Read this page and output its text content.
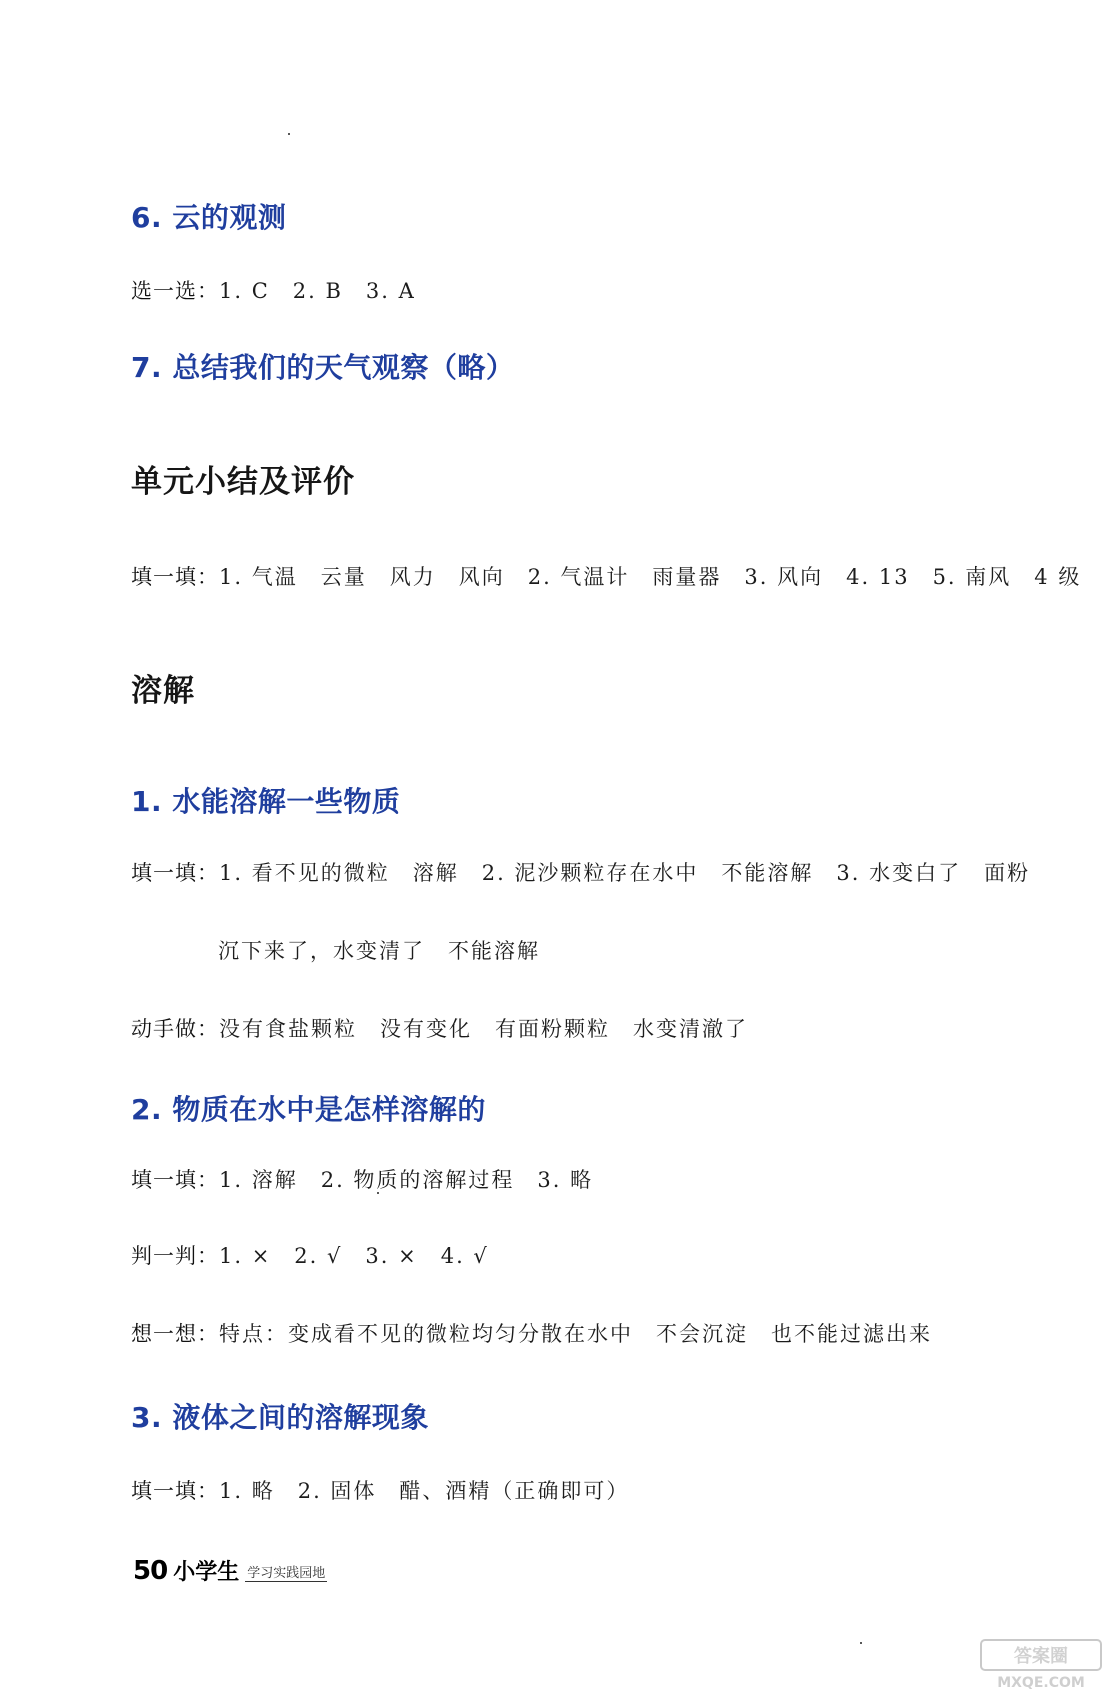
6. 云的观测
选一选：1. C　2. B　3. A
7. 总结我们的天气观察（略）
单元小结及评价
填一填：1. 气温　云量　风力　风向　2. 气温计　雨量器　3. 风向　4. 13　5. 南风　4 级
溶解
1. 水能溶解一些物质
填一填：1. 看不见的微粒　溶解　2. 泥沙颗粒存在水中　不能溶解　3. 水变白了　面粉
沉下来了，水变清了　不能溶解
动手做：没有食盐颗粒　没有变化　有面粉颗粒　水变清澈了
2. 物质在水中是怎样溶解的
填一填：1. 溶解　2. 物质的溶解过程　3. 略
判一判：1. ×　2. √　3. ×　4. √
想一想：特点：变成看不见的微粒均匀分散在水中　不会沉淀　也不能过滤出来
3. 液体之间的溶解现象
填一填：1. 略　2. 固体　醋、酒精（正确即可）
50 小学生 学习实践园地
答案圈
MXQE.COM
